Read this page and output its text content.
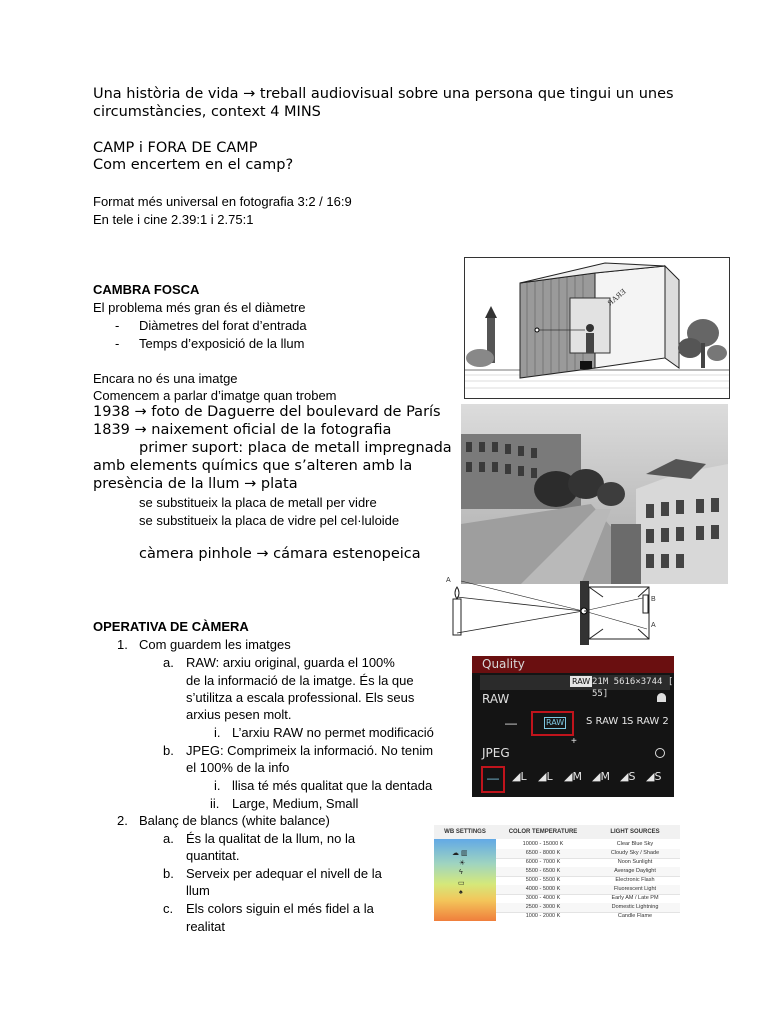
Una història de vida → treball audiovisual sobre una persona que tingui un unes
circumstàncies, context 4 MINS
CAMP i FORA DE CAMP
Com encertem en el camp?
Format més universal en fotografia 3:2 / 16:9
En tele i cine 2.39:1 i 2.75:1
CAMBRA FOSCA
El problema més gran és el diàmetre
- Diàmetres del forat d’entrada
- Temps d’exposició de la llum
Encara no és una imatge
Comencem a parlar d’imatge quan trobem
1938 → foto de Daguerre del boulevard de París
1839 → naixement oficial de la fotografia
primer suport: placa de metall impregnada
amb elements químics que s’alteren amb la
presència de la llum → plata
se substitueix la placa de metall per vidre
se substitueix la placa de vidre pel cel·luloide
càmera pinhole → cámara estenopeica
OPERATIVA DE CÀMERA
1. Com guardem les imatges
a. RAW: arxiu original, guarda el 100%
de la informació de la imatge. És la que
s’utilitza a escala professional. Els seus
arxius pesen molt.
i. L’arxiu RAW no permet modificació
b. JPEG: Comprimeix la informació. No tenim
el 100% de la info
i. llisa té més qualitat que la dentada
ii. Large, Medium, Small
2. Balanç de blancs (white balance)
a. És la qualitat de la llum, no la
quantitat.
b. Serveix per adequar el nivell de la
llum
c. Els colors siguin el més fidel a la
realitat
ЯAЯƎ
A
B
A
Quality
RAW 21M 5616×3744 [ 55]
RAW
—	RAW S RAW 1 S RAW 2
+
JPEG
— ◢L ◢L ◢M ◢M ◢S ◢S
WB SETTINGS	COLOR TEMPERATURE	LIGHT SOURCES
☁ ▥
☀
ϟ
▭
♠
10000 - 15000 K	Clear Blue Sky
6500 - 8000 K	Cloudy Sky / Shade
6000 - 7000 K	Noon Sunlight
5500 - 6500 K	Average Daylight
5000 - 5500 K	Electronic Flash
4000 - 5000 K	Fluorescent Light
3000 - 4000 K	Early AM / Late PM
2500 - 3000 K	Domestic Lightning
1000 - 2000 K	Candle Flame
